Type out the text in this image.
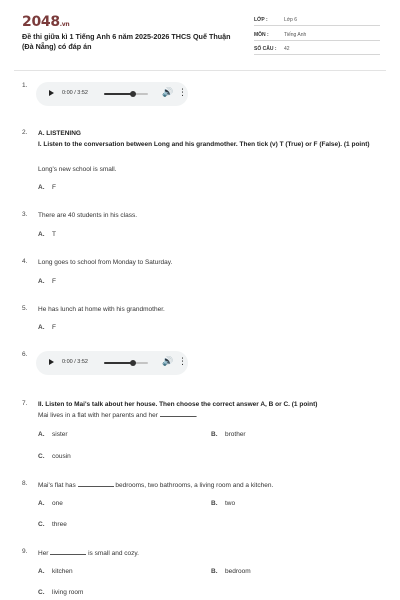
2048.vn
Đề thi giữa kì 1 Tiếng Anh 6 năm 2025-2026 THCS Quế Thuận (Đà Nẵng) có đáp án
LỚP :	Lớp 6
MÔN :	Tiếng Anh
SỐ CÂU : 42
1.
0:00 / 3:52	🔊 ⋮
2. A. LISTENING
I. Listen to the conversation between Long and his grandmother. Then tick (v) T (True) or F (False). (1 point)
Long's new school is small.
A. F
3. There are 40 students in his class.
A. T
4. Long goes to school from Monday to Saturday.
A. F
5. He has lunch at home with his grandmother.
A. F
6.
0:00 / 3:52	🔊 ⋮
7. II. Listen to Mai's talk about her house. Then choose the correct answer A, B or C. (1 point)
Mai lives in a flat with her parents and her	.
A. sister	B. brother
C. cousin
8. Mai's flat has	bedrooms, two bathrooms, a living room and a kitchen.
A. one	B. two
C. three
9. Her	is small and cozy.
A. kitchen	B. bedroom
C. living room
